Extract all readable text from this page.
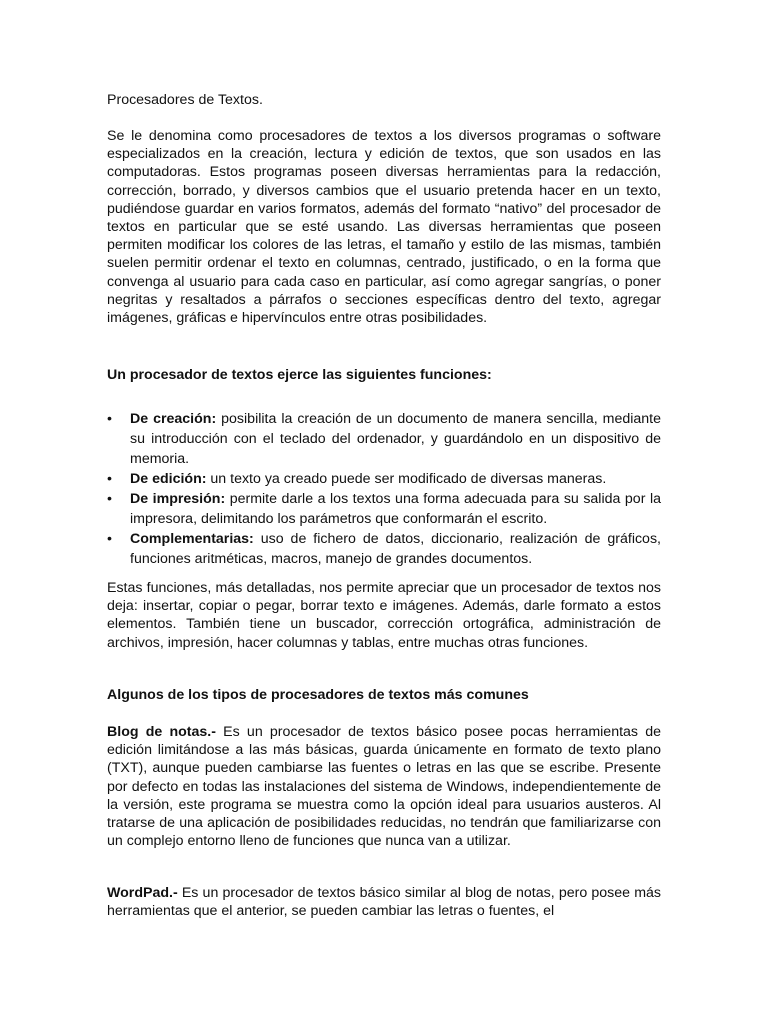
Procesadores de Textos.

Se le denomina como procesadores de textos a los diversos programas o software especializados en la creación, lectura y edición de textos, que son usados en las computadoras. Estos programas poseen diversas herramientas para la redacción, corrección, borrado, y diversos cambios que el usuario pretenda hacer en un texto, pudiéndose guardar en varios formatos, además del formato “nativo” del procesador de textos en particular que se esté usando. Las diversas herramientas que poseen permiten modificar los colores de las letras, el tamaño y estilo de las mismas, también suelen permitir ordenar el texto en columnas, centrado, justificado, o en la forma que convenga al usuario para cada caso en particular, así como agregar sangrías, o poner negritas y resaltados a párrafos o secciones específicas dentro del texto, agregar imágenes, gráficas e hipervínculos entre otras posibilidades.

Un procesador de textos ejerce las siguientes funciones:

• De creación: posibilita la creación de un documento de manera sencilla, mediante su introducción con el teclado del ordenador, y guardándolo en un dispositivo de memoria.
• De edición: un texto ya creado puede ser modificado de diversas maneras.
• De impresión: permite darle a los textos una forma adecuada para su salida por la impresora, delimitando los parámetros que conformarán el escrito.
• Complementarias: uso de fichero de datos, diccionario, realización de gráficos, funciones aritméticas, macros, manejo de grandes documentos.

Estas funciones, más detalladas, nos permite apreciar que un procesador de textos nos deja: insertar, copiar o pegar, borrar texto e imágenes. Además, darle formato a estos elementos. También tiene un buscador, corrección ortográfica, administración de archivos, impresión, hacer columnas y tablas, entre muchas otras funciones.

Algunos de los tipos de procesadores de textos más comunes

Blog de notas.- Es un procesador de textos básico posee pocas herramientas de edición limitándose a las más básicas, guarda únicamente en formato de texto plano (TXT), aunque pueden cambiarse las fuentes o letras en las que se escribe. Presente por defecto en todas las instalaciones del sistema de Windows, independientemente de la versión, este programa se muestra como la opción ideal para usuarios austeros. Al tratarse de una aplicación de posibilidades reducidas, no tendrán que familiarizarse con un complejo entorno lleno de funciones que nunca van a utilizar.

WordPad.- Es un procesador de textos básico similar al blog de notas, pero posee más herramientas que el anterior, se pueden cambiar las letras o fuentes, el
